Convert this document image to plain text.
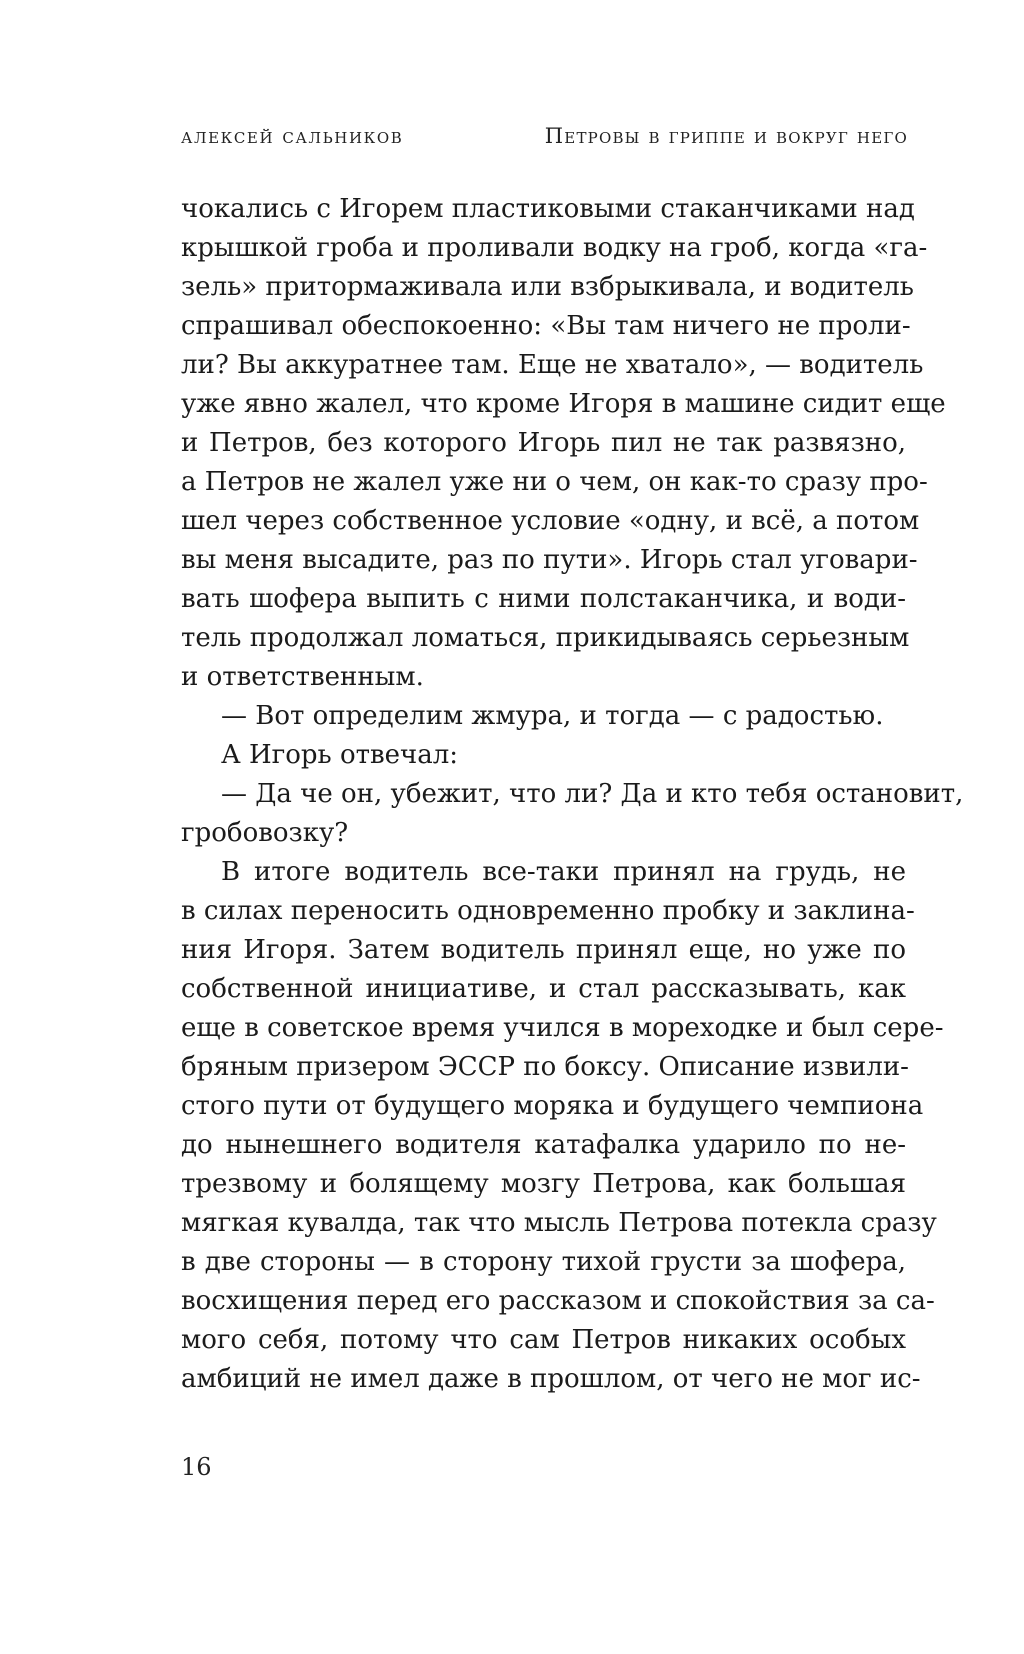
алексей сальников	Петровы в гриппе и вокруг него
чокались с Игорем пластиковыми стаканчиками над
крышкой гроба и проливали водку на гроб, когда «га-
зель» притормаживала или взбрыкивала, и водитель
спрашивал обеспокоенно: «Вы там ничего не проли-
ли? Вы аккуратнее там. Еще не хватало», — водитель
уже явно жалел, что кроме Игоря в машине сидит еще
и Петров, без которого Игорь пил не так развязно,
а Петров не жалел уже ни о чем, он как-то сразу про-
шел через собственное условие «одну, и всё, а потом
вы меня высадите, раз по пути». Игорь стал уговари-
вать шофера выпить с ними полстаканчика, и води-
тель продолжал ломаться, прикидываясь серьезным
и ответственным.
— Вот определим жмура, и тогда — с радостью.
А Игорь отвечал:
— Да че он, убежит, что ли? Да и кто тебя остановит,
гробовозку?
В итоге водитель все-таки принял на грудь, не
в силах переносить одновременно пробку и заклина-
ния Игоря. Затем водитель принял еще, но уже по
собственной инициативе, и стал рассказывать, как
еще в советское время учился в мореходке и был сере-
бряным призером ЭССР по боксу. Описание извили-
стого пути от будущего моряка и будущего чемпиона
до нынешнего водителя катафалка ударило по не-
трезвому и болящему мозгу Петрова, как большая
мягкая кувалда, так что мысль Петрова потекла сразу
в две стороны — в сторону тихой грусти за шофера,
восхищения перед его рассказом и спокойствия за са-
мого себя, потому что сам Петров никаких особых
амбиций не имел даже в прошлом, от чего не мог ис-
16
